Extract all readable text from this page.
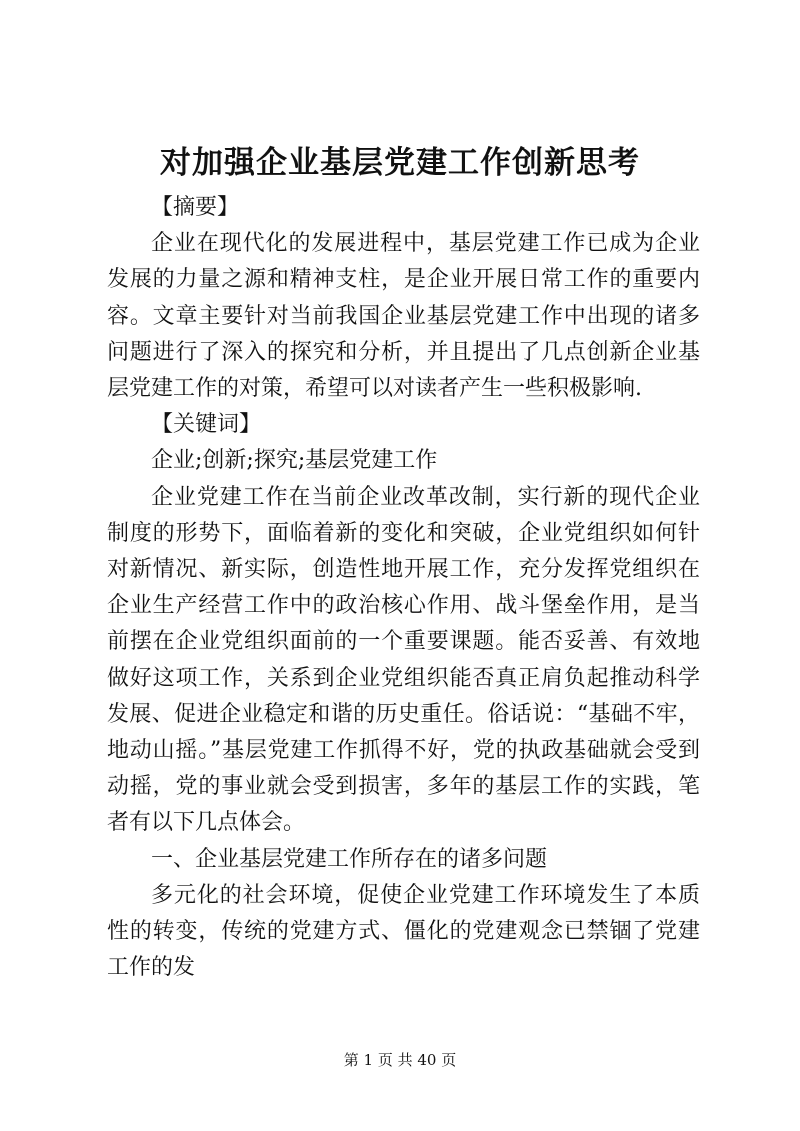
对加强企业基层党建工作创新思考

【摘要】

企业在现代化的发展进程中，基层党建工作已成为企业发展的力量之源和精神支柱，是企业开展日常工作的重要内容。文章主要针对当前我国企业基层党建工作中出现的诸多问题进行了深入的探究和分析，并且提出了几点创新企业基层党建工作的对策，希望可以对读者产生一些积极影响.

【关键词】

企业;创新;探究;基层党建工作

企业党建工作在当前企业改革改制，实行新的现代企业制度的形势下，面临着新的变化和突破，企业党组织如何针对新情况、新实际，创造性地开展工作，充分发挥党组织在企业生产经营工作中的政治核心作用、战斗堡垒作用，是当前摆在企业党组织面前的一个重要课题。能否妥善、有效地做好这项工作，关系到企业党组织能否真正肩负起推动科学发展、促进企业稳定和谐的历史重任。俗话说：“基础不牢，地动山摇。”基层党建工作抓得不好，党的执政基础就会受到动摇，党的事业就会受到损害，多年的基层工作的实践，笔者有以下几点体会。

一、企业基层党建工作所存在的诸多问题

多元化的社会环境，促使企业党建工作环境发生了本质性的转变，传统的党建方式、僵化的党建观念已禁锢了党建工作的发

第 1 页 共 40 页
